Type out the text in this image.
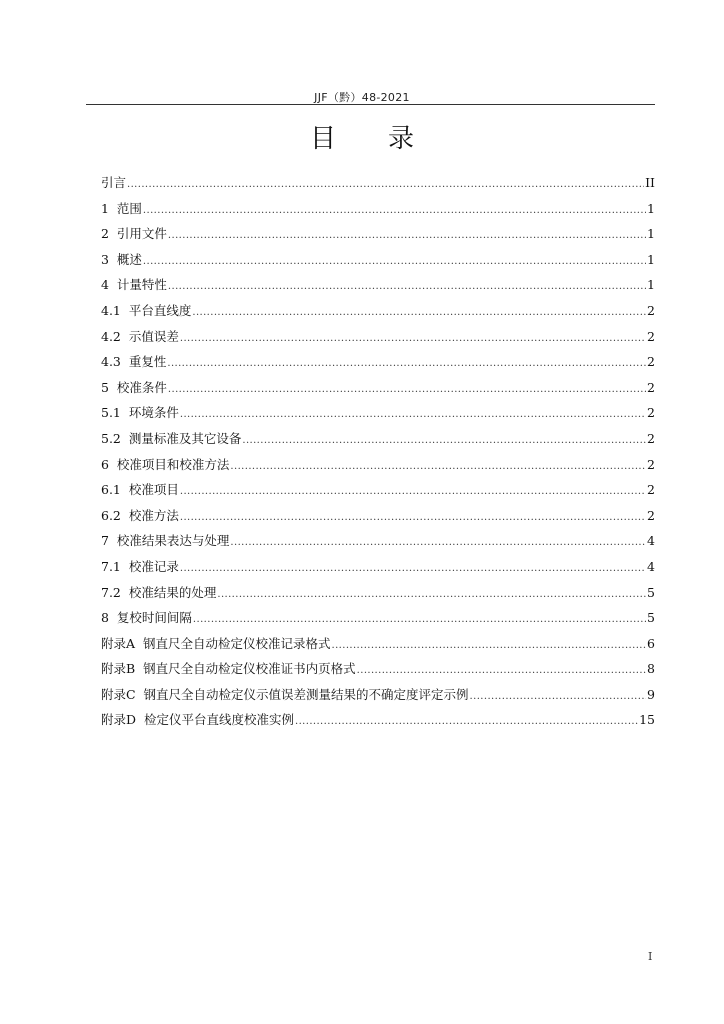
JJF（黔）48-2021
目录
引言 .....	II
1 范围 .....	1
2 引用文件 .....	1
3 概述 .....	1
4 计量特性 .....	1
4.1 平台直线度 .....	2
4.2 示值误差 .....	2
4.3 重复性 .....	2
5 校准条件 .....	2
5.1 环境条件 .....	2
5.2 测量标准及其它设备 .....	2
6 校准项目和校准方法 .....	2
6.1 校准项目 .....	2
6.2 校准方法 .....	2
7 校准结果表达与处理 .....	4
7.1 校准记录 .....	4
7.2 校准结果的处理 .....	5
8 复校时间间隔 .....	5
附录A 钢直尺全自动检定仪校准记录格式 .....	6
附录B 钢直尺全自动检定仪校准证书内页格式 .....	8
附录C 钢直尺全自动检定仪示值误差测量结果的不确定度评定示例 .....	9
附录D 检定仪平台直线度校准实例 .....	15
I
